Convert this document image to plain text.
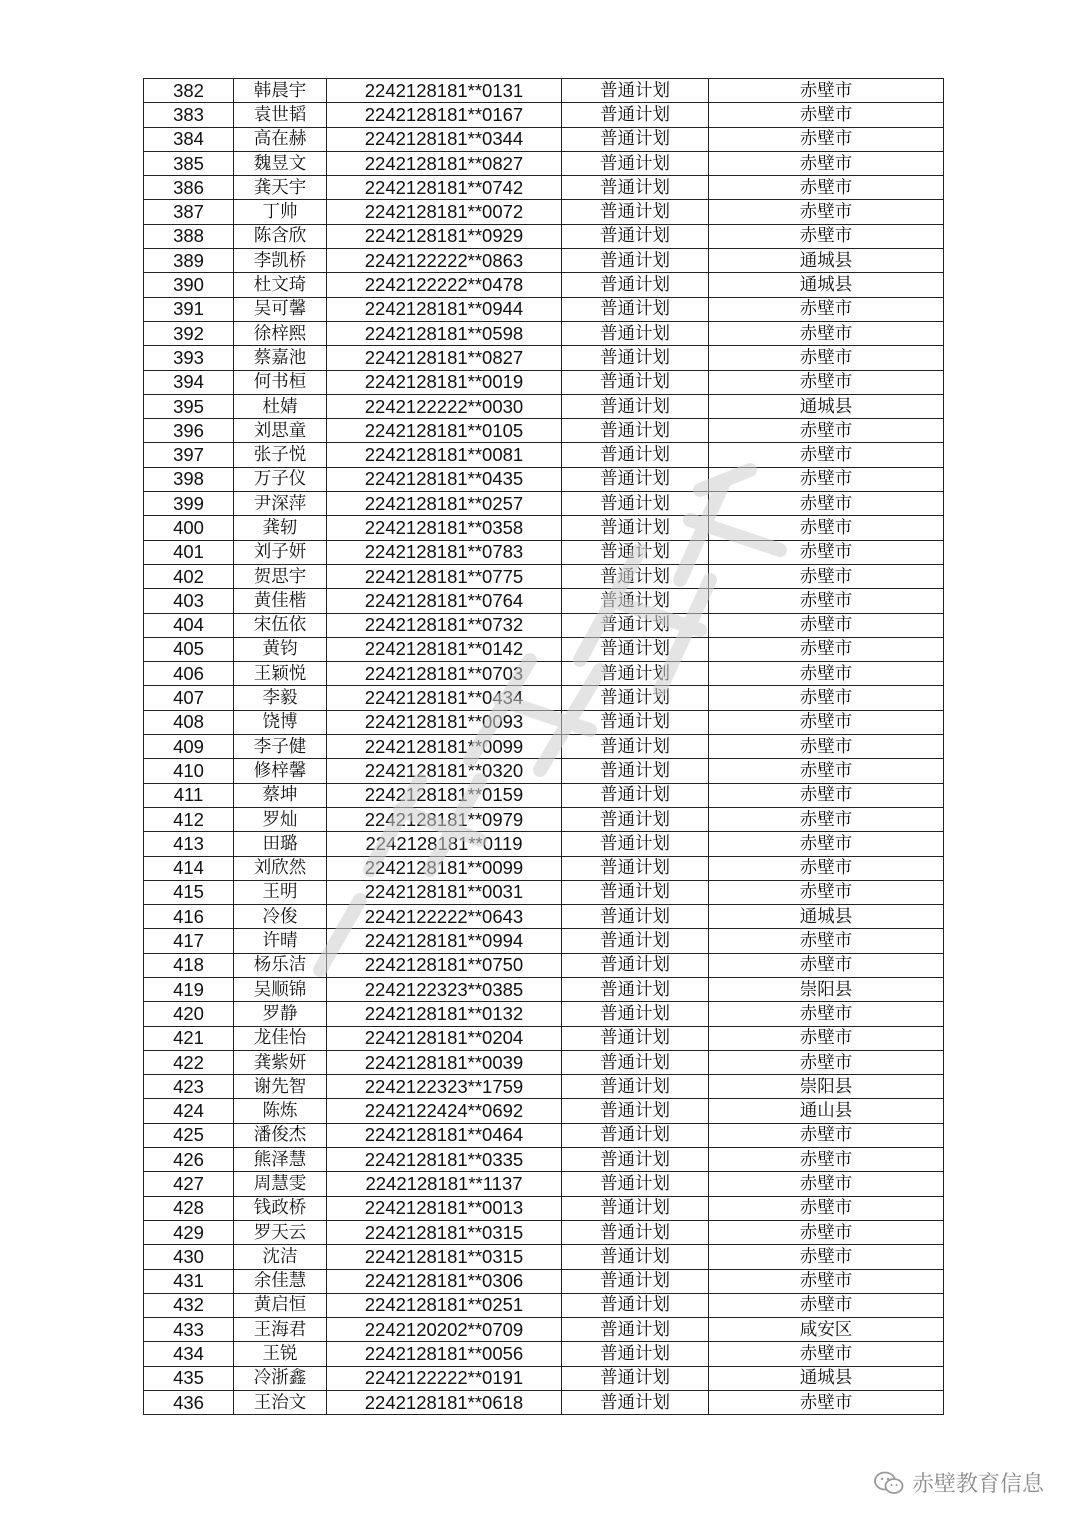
382	韩晨宇	2242128181**0131	普通计划	赤壁市
383	袁世韬	2242128181**0167	普通计划	赤壁市
384	高在赫	2242128181**0344	普通计划	赤壁市
385	魏昱文	2242128181**0827	普通计划	赤壁市
386	龚天宇	2242128181**0742	普通计划	赤壁市
387	丁帅	2242128181**0072	普通计划	赤壁市
388	陈含欣	2242128181**0929	普通计划	赤壁市
389	李凯桥	2242122222**0863	普通计划	通城县
390	杜文琦	2242122222**0478	普通计划	通城县
391	吴可馨	2242128181**0944	普通计划	赤壁市
392	徐梓熙	2242128181**0598	普通计划	赤壁市
393	蔡嘉池	2242128181**0827	普通计划	赤壁市
394	何书桓	2242128181**0019	普通计划	赤壁市
395	杜婧	2242122222**0030	普通计划	通城县
396	刘思童	2242128181**0105	普通计划	赤壁市
397	张子悦	2242128181**0081	普通计划	赤壁市
398	万子仪	2242128181**0435	普通计划	赤壁市
399	尹深萍	2242128181**0257	普通计划	赤壁市
400	龚轫	2242128181**0358	普通计划	赤壁市
401	刘子妍	2242128181**0783	普通计划	赤壁市
402	贺思宇	2242128181**0775	普通计划	赤壁市
403	黄佳楷	2242128181**0764	普通计划	赤壁市
404	宋伍依	2242128181**0732	普通计划	赤壁市
405	黄钧	2242128181**0142	普通计划	赤壁市
406	王颖悦	2242128181**0703	普通计划	赤壁市
407	李毅	2242128181**0434	普通计划	赤壁市
408	饶博	2242128181**0093	普通计划	赤壁市
409	李子健	2242128181**0099	普通计划	赤壁市
410	修梓馨	2242128181**0320	普通计划	赤壁市
411	蔡坤	2242128181**0159	普通计划	赤壁市
412	罗灿	2242128181**0979	普通计划	赤壁市
413	田璐	2242128181**0119	普通计划	赤壁市
414	刘欣然	2242128181**0099	普通计划	赤壁市
415	王明	2242128181**0031	普通计划	赤壁市
416	冷俊	2242122222**0643	普通计划	通城县
417	许晴	2242128181**0994	普通计划	赤壁市
418	杨乐洁	2242128181**0750	普通计划	赤壁市
419	吴顺锦	2242122323**0385	普通计划	崇阳县
420	罗静	2242128181**0132	普通计划	赤壁市
421	龙佳怡	2242128181**0204	普通计划	赤壁市
422	龚紫妍	2242128181**0039	普通计划	赤壁市
423	谢先智	2242122323**1759	普通计划	崇阳县
424	陈炼	2242122424**0692	普通计划	通山县
425	潘俊杰	2242128181**0464	普通计划	赤壁市
426	熊泽慧	2242128181**0335	普通计划	赤壁市
427	周慧雯	2242128181**1137	普通计划	赤壁市
428	钱政桥	2242128181**0013	普通计划	赤壁市
429	罗天云	2242128181**0315	普通计划	赤壁市
430	沈洁	2242128181**0315	普通计划	赤壁市
431	余佳慧	2242128181**0306	普通计划	赤壁市
432	黄启恒	2242128181**0251	普通计划	赤壁市
433	王海君	2242120202**0709	普通计划	咸安区
434	王锐	2242128181**0056	普通计划	赤壁市
435	冷浙鑫	2242122222**0191	普通计划	通城县
436	王治文	2242128181**0618	普通计划	赤壁市
赤壁教育信息
